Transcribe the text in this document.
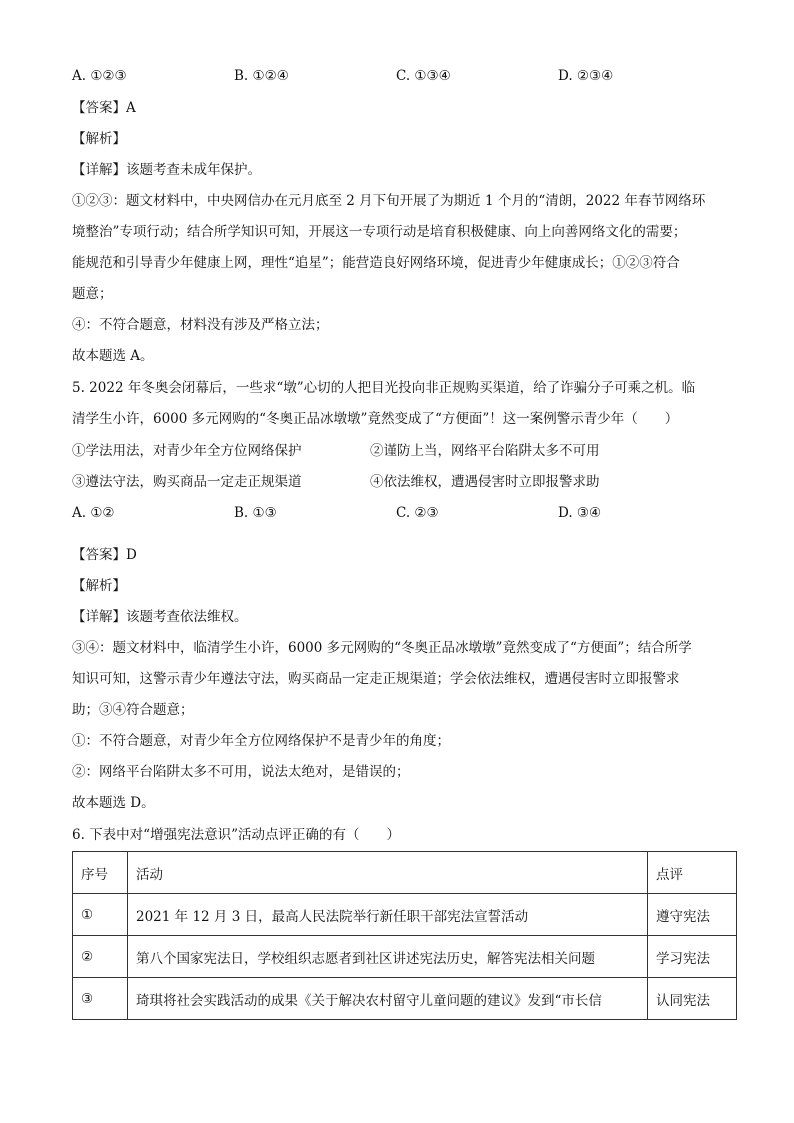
A. ①②③	B. ①②④	C. ①③④	D. ②③④
【答案】A
【解析】
【详解】该题考查未成年保护。
①②③：题文材料中，中央网信办在元月底至 2 月下旬开展了为期近 1 个月的“清朗，2022 年春节网络环
境整治”专项行动；结合所学知识可知，开展这一专项行动是培育积极健康、向上向善网络文化的需要；
能规范和引导青少年健康上网，理性“追星”；能营造良好网络环境，促进青少年健康成长；①②③符合
题意；
④：不符合题意，材料没有涉及严格立法；
故本题选 A。
5. 2022 年冬奥会闭幕后，一些求“墩”心切的人把目光投向非正规购买渠道，给了诈骗分子可乘之机。临
清学生小许，6000 多元网购的“冬奥正品冰墩墩”竟然变成了“方便面”！这一案例警示青少年（　　）
①学法用法，对青少年全方位网络保护	②谨防上当，网络平台陷阱太多不可用
③遵法守法，购买商品一定走正规渠道	④依法维权，遭遇侵害时立即报警求助
A. ①②	B. ①③	C. ②③	D. ③④
【答案】D
【解析】
【详解】该题考查依法维权。
③④：题文材料中，临清学生小许，6000 多元网购的“冬奥正品冰墩墩”竟然变成了“方便面”；结合所学
知识可知，这警示青少年遵法守法，购买商品一定走正规渠道；学会依法维权，遭遇侵害时立即报警求
助；③④符合题意；
①：不符合题意，对青少年全方位网络保护不是青少年的角度；
②：网络平台陷阱太多不可用，说法太绝对，是错误的；
故本题选 D。
6. 下表中对“增强宪法意识”活动点评正确的有（　　）
序号	活动	点评
①	2021 年 12 月 3 日，最高人民法院举行新任职干部宪法宣誓活动	遵守宪法
②	第八个国家宪法日，学校组织志愿者到社区讲述宪法历史，解答宪法相关问题	学习宪法
③	琦琪将社会实践活动的成果《关于解决农村留守儿童问题的建议》发到“市长信	认同宪法
